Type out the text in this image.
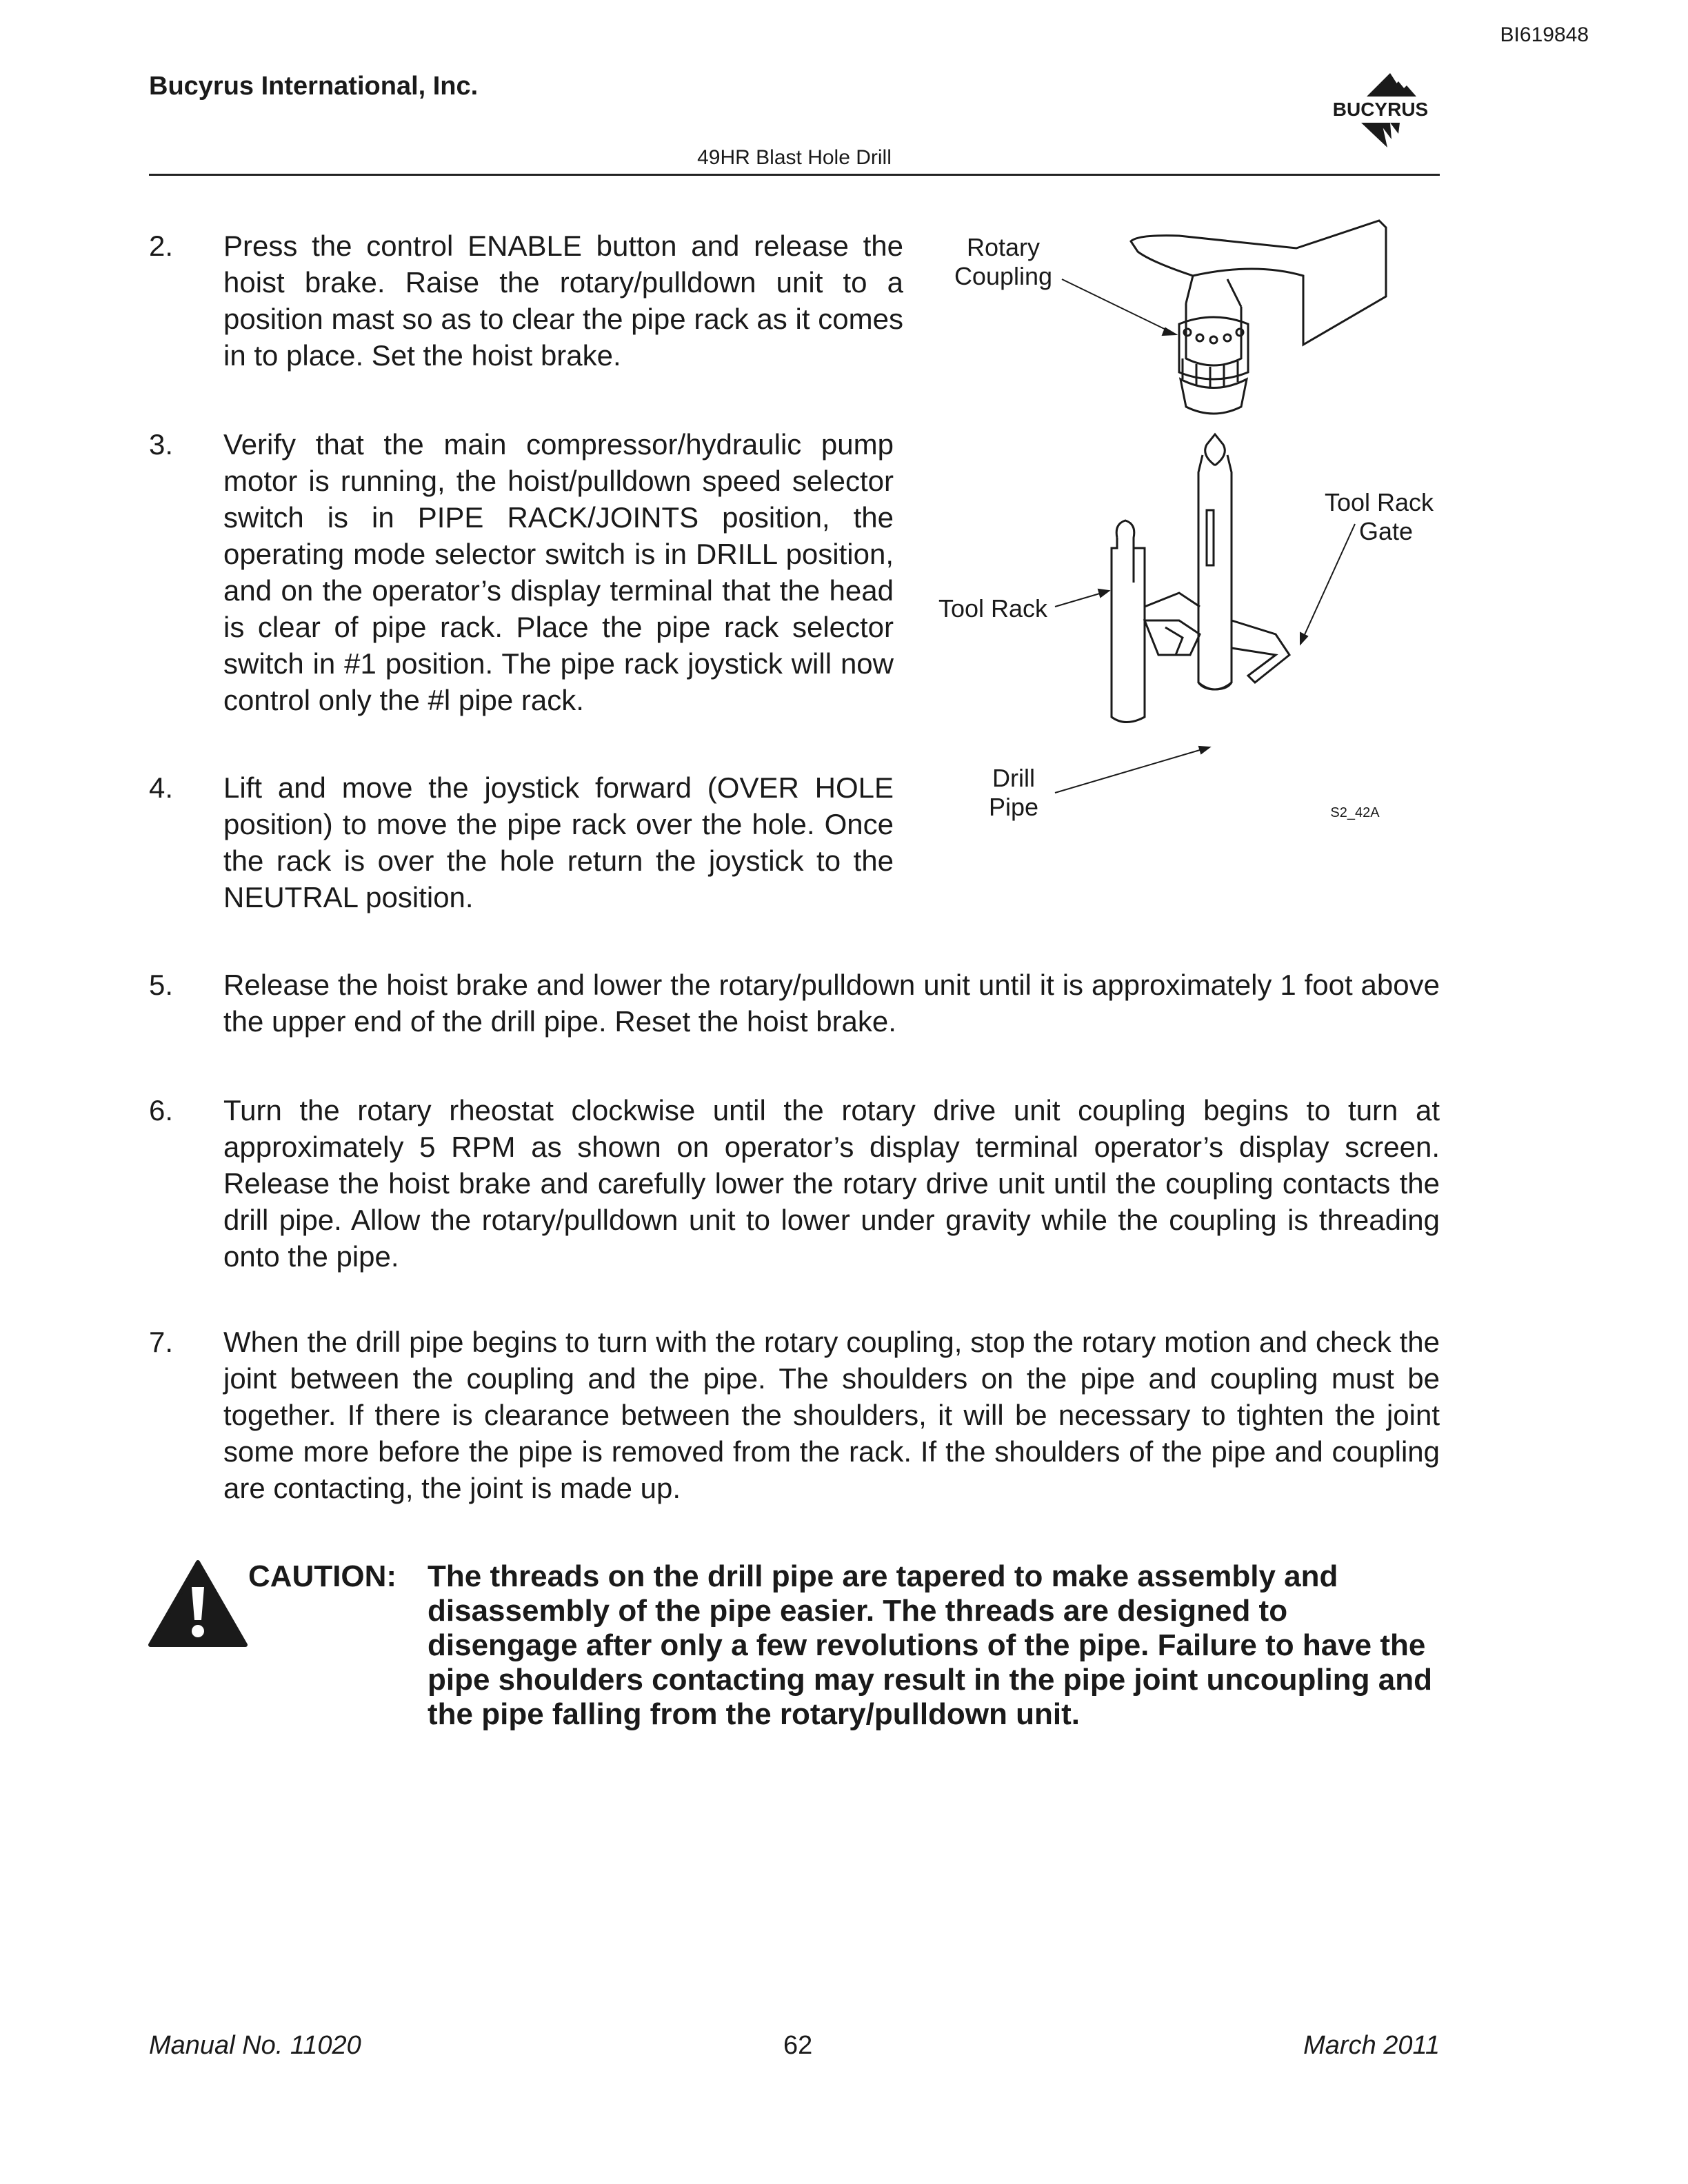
BI619848
Bucyrus International, Inc.
BUCYRUS
49HR Blast Hole Drill
2. Press the control ENABLE button and release the hoist brake. Raise the rotary/pulldown unit to a position mast so as to clear the pipe rack as it comes in to place. Set the hoist brake.
3. Verify that the main compressor/hydraulic pump motor is running, the hoist/pulldown speed selector switch is in PIPE RACK/JOINTS position, the operating mode selector switch is in DRILL position, and on the operator’s display terminal that the head is clear of pipe rack. Place the pipe rack selector switch in #1 position. The pipe rack joystick will now control only the #l pipe rack.
4. Lift and move the joystick forward (OVER HOLE position) to move the pipe rack over the hole. Once the rack is over the hole return the joystick to the NEUTRAL position.
5. Release the hoist brake and lower the rotary/pulldown unit until it is approximately 1 foot above the upper end of the drill pipe. Reset the hoist brake.
6. Turn the rotary rheostat clockwise until the rotary drive unit coupling begins to turn at approximately 5 RPM as shown on operator’s display terminal operator’s display screen. Release the hoist brake and carefully lower the rotary drive unit until the coupling contacts the drill pipe. Allow the rotary/pulldown unit to lower under gravity while the coupling is threading onto the pipe.
7. When the drill pipe begins to turn with the rotary coupling, stop the rotary motion and check the joint between the coupling and the pipe. The shoulders on the pipe and coupling must be together. If there is clearance between the shoulders, it will be necessary to tighten the joint some more before the pipe is removed from the rack. If the shoulders of the pipe and coupling are contacting, the joint is made up.
Rotary
Coupling
Tool Rack
Gate
Tool Rack
Drill
Pipe	S2_42A
CAUTION: The threads on the drill pipe are tapered to make assembly and disassembly of the pipe easier. The threads are designed to disengage after only a few revolutions of the pipe. Failure to have the pipe shoulders contacting may result in the pipe joint uncoupling and the pipe falling from the rotary/pulldown unit.
Manual No. 11020	62	March 2011
